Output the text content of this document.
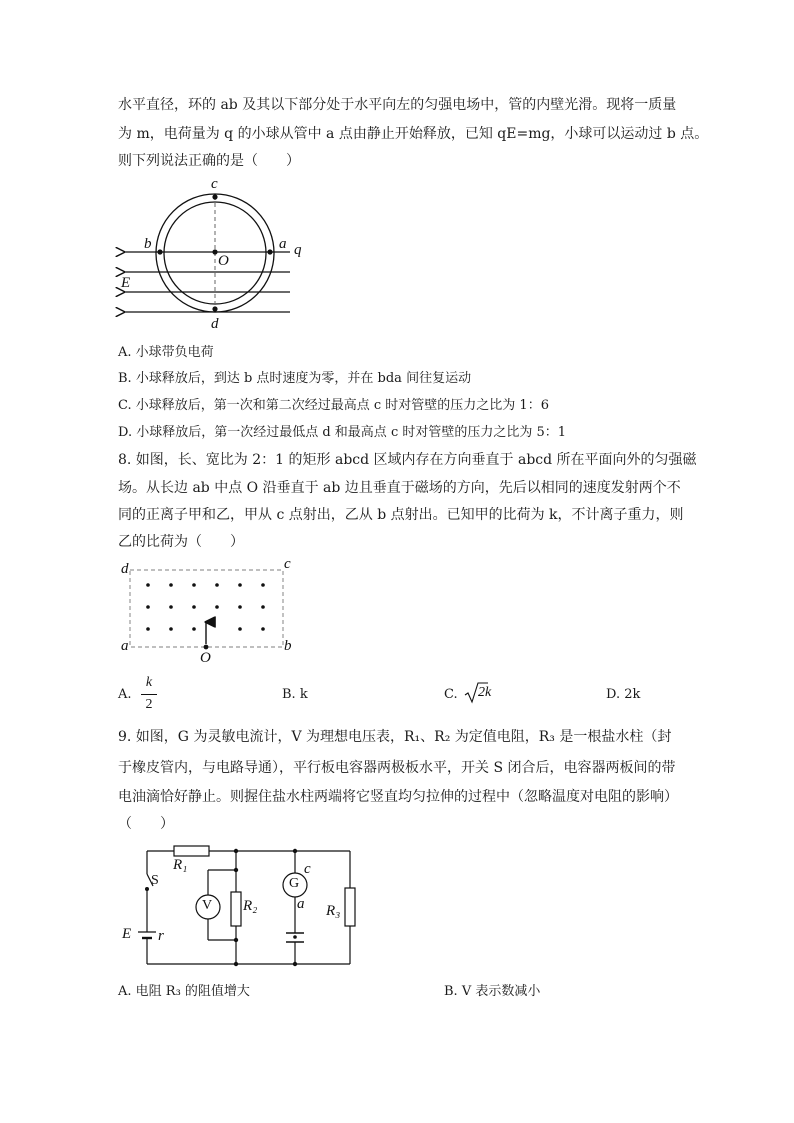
水平直径，环的 ab 及其以下部分处于水平向左的匀强电场中，管的内壁光滑。现将一质量
为 m，电荷量为 q 的小球从管中 a 点由静止开始释放，已知 qE=mg，小球可以运动过 b 点。
则下列说法正确的是（　　）
c
b	a q
O
E
d
A. 小球带负电荷
B. 小球释放后，到达 b 点时速度为零，并在 bda 间往复运动
C. 小球释放后，第一次和第二次经过最高点 c 时对管壁的压力之比为 1：6
D. 小球释放后，第一次经过最低点 d 和最高点 c 时对管壁的压力之比为 5：1
8. 如图，长、宽比为 2：1 的矩形 abcd 区域内存在方向垂直于 abcd 所在平面向外的匀强磁
场。从长边 ab 中点 O 沿垂直于 ab 边且垂直于磁场的方向，先后以相同的速度发射两个不
同的正离子甲和乙，甲从 c 点射出，乙从 b 点射出。已知甲的比荷为 k，不计离子重力，则
乙的比荷为（　　）
d	c
a	b
O
A.
k
2
B. k	C. 2k	D. 2k
9. 如图，G 为灵敏电流计，V 为理想电压表，R₁、R₂ 为定值电阻，R₃ 是一根盐水柱（封
于橡皮管内，与电路导通），平行板电容器两极板水平，开关 S 闭合后，电容器两板间的带
电油滴恰好静止。则握住盐水柱两端将它竖直均匀拉伸的过程中（忽略温度对电阻的影响）
（　　）
R₁
S
V R₂
G
c
a R₃
E r
A. 电阻 R₃ 的阻值增大	B. V 表示数减小
